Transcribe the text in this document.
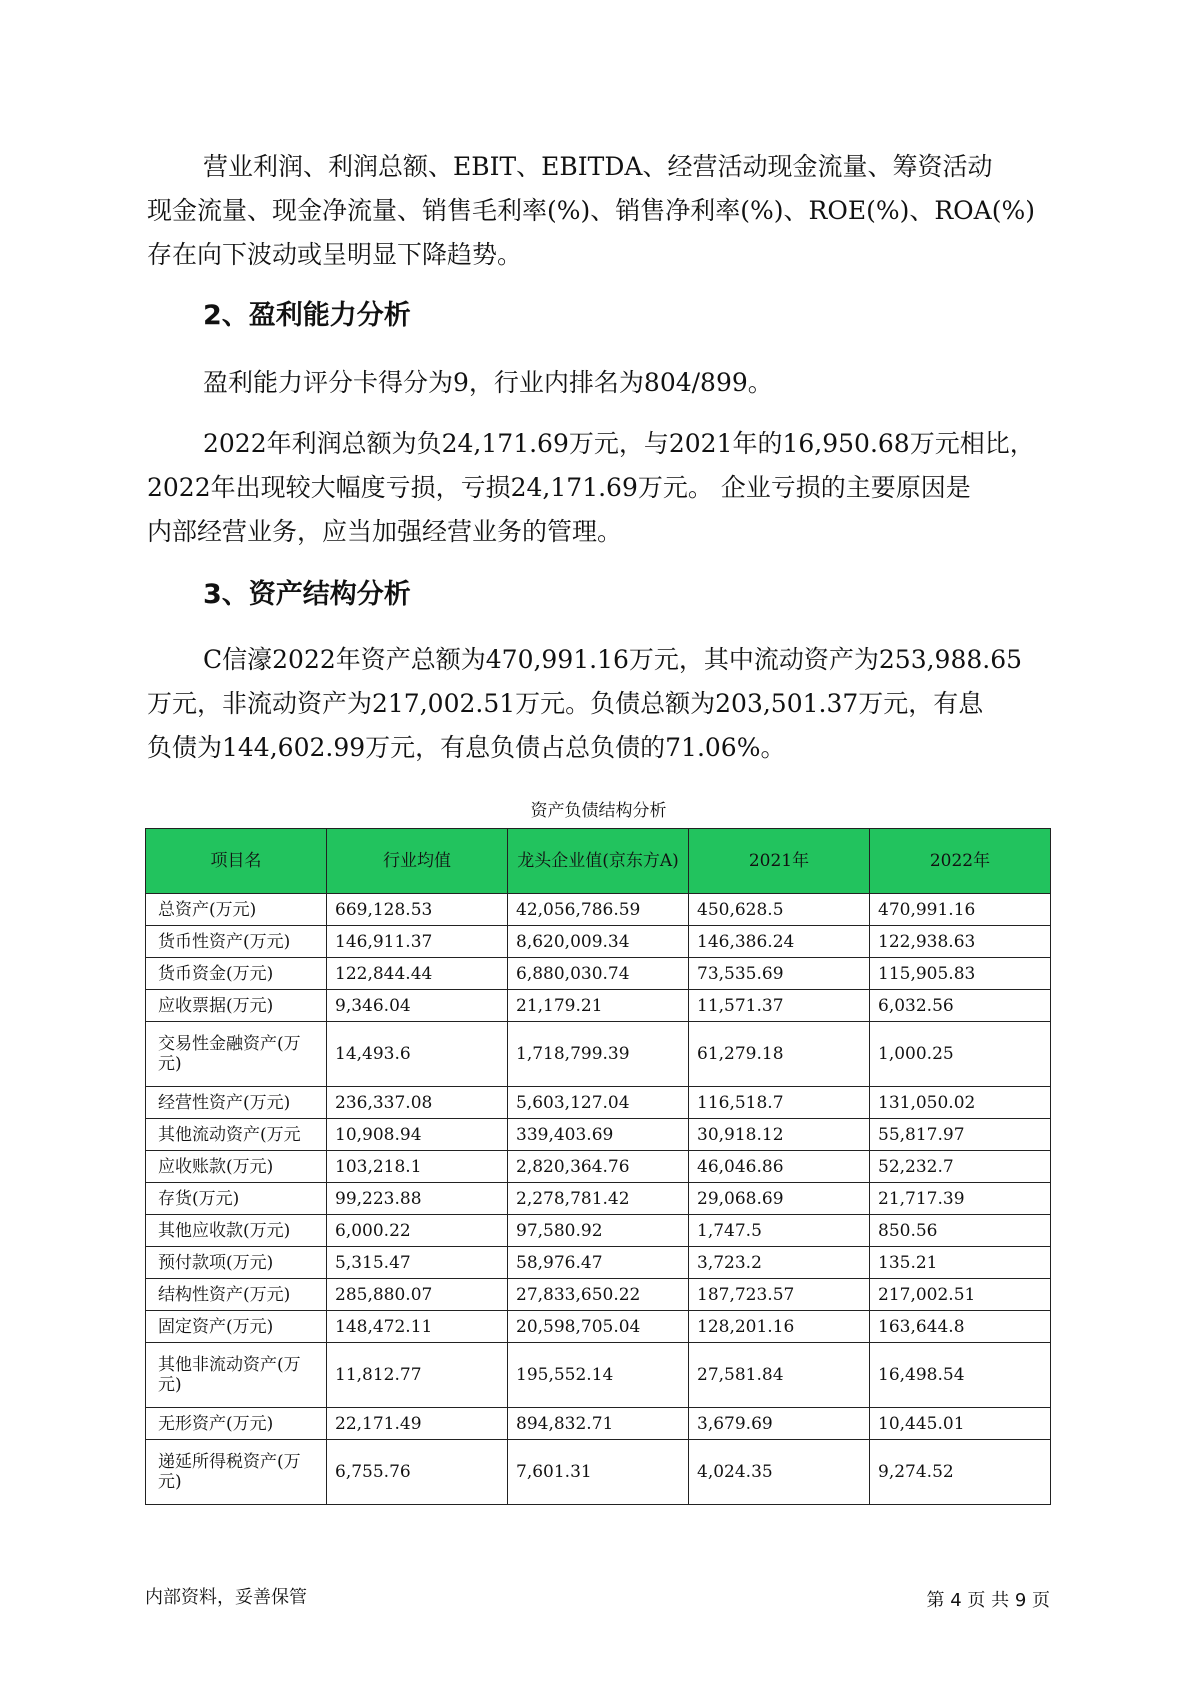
营业利润、利润总额、EBIT、EBITDA、经营活动现金流量、筹资活动
现金流量、现金净流量、销售毛利率(%)、销售净利率(%)、ROE(%)、ROA(%)
存在向下波动或呈明显下降趋势。
2、盈利能力分析
盈利能力评分卡得分为9，行业内排名为804/899。
2022年利润总额为负24,171.69万元，与2021年的16,950.68万元相比，
2022年出现较大幅度亏损，亏损24,171.69万元。 企业亏损的主要原因是
内部经营业务，应当加强经营业务的管理。
3、资产结构分析
C信濠2022年资产总额为470,991.16万元，其中流动资产为253,988.65
万元，非流动资产为217,002.51万元。负债总额为203,501.37万元，有息
负债为144,602.99万元，有息负债占总负债的71.06%。
资产负债结构分析
项目名	行业均值	龙头企业值(京东方A)	2021年	2022年
总资产(万元)	669,128.53	42,056,786.59	450,628.5	470,991.16
货币性资产(万元)	146,911.37	8,620,009.34	146,386.24	122,938.63
货币资金(万元)	122,844.44	6,880,030.74	73,535.69	115,905.83
应收票据(万元)	9,346.04	21,179.21	11,571.37	6,032.56
交易性金融资产(万元)	14,493.6	1,718,799.39	61,279.18	1,000.25
经营性资产(万元)	236,337.08	5,603,127.04	116,518.7	131,050.02
其他流动资产(万元	10,908.94	339,403.69	30,918.12	55,817.97
应收账款(万元)	103,218.1	2,820,364.76	46,046.86	52,232.7
存货(万元)	99,223.88	2,278,781.42	29,068.69	21,717.39
其他应收款(万元)	6,000.22	97,580.92	1,747.5	850.56
预付款项(万元)	5,315.47	58,976.47	3,723.2	135.21
结构性资产(万元)	285,880.07	27,833,650.22	187,723.57	217,002.51
固定资产(万元)	148,472.11	20,598,705.04	128,201.16	163,644.8
其他非流动资产(万元)	11,812.77	195,552.14	27,581.84	16,498.54
无形资产(万元)	22,171.49	894,832.71	3,679.69	10,445.01
递延所得税资产(万元)	6,755.76	7,601.31	4,024.35	9,274.52
内部资料，妥善保管	第 4 页 共 9 页
